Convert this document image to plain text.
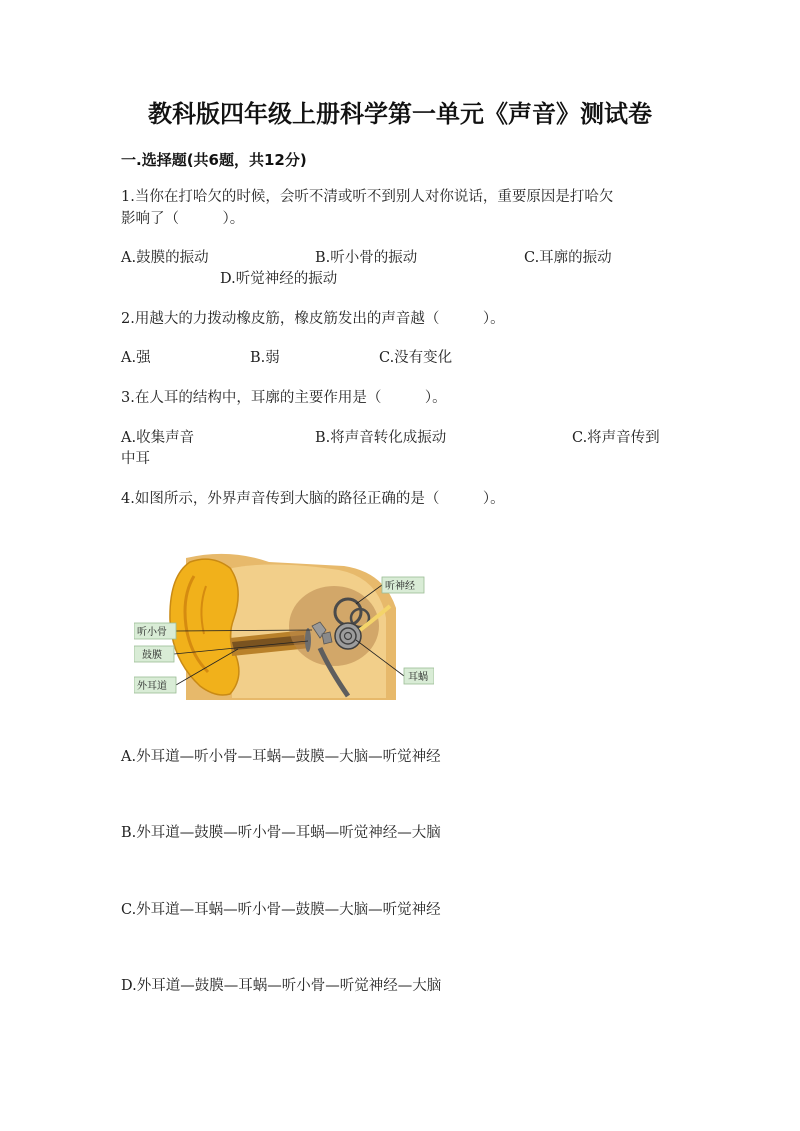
教科版四年级上册科学第一单元《声音》测试卷
一.选择题(共6题，共12分)
1.当你在打哈欠的时候，会听不清或听不到别人对你说话，重要原因是打哈欠
影响了（　　　）。
A.鼓膜的振动	B.听小骨的振动	C.耳廓的振动
D.听觉神经的振动
2.用越大的力拨动橡皮筋，橡皮筋发出的声音越（　　　）。
A.强	B.弱	C.没有变化
3.在人耳的结构中，耳廓的主要作用是（　　　）。
A.收集声音	B.将声音转化成振动	C.将声音传到
中耳
4.如图所示，外界声音传到大脑的路径正确的是（　　　）。
听神经
听小骨
鼓膜
外耳道
耳蜗
A.外耳道—听小骨—耳蜗—鼓膜—大脑—听觉神经
B.外耳道—鼓膜—听小骨—耳蜗—听觉神经—大脑
C.外耳道—耳蜗—听小骨—鼓膜—大脑—听觉神经
D.外耳道—鼓膜—耳蜗—听小骨—听觉神经—大脑
